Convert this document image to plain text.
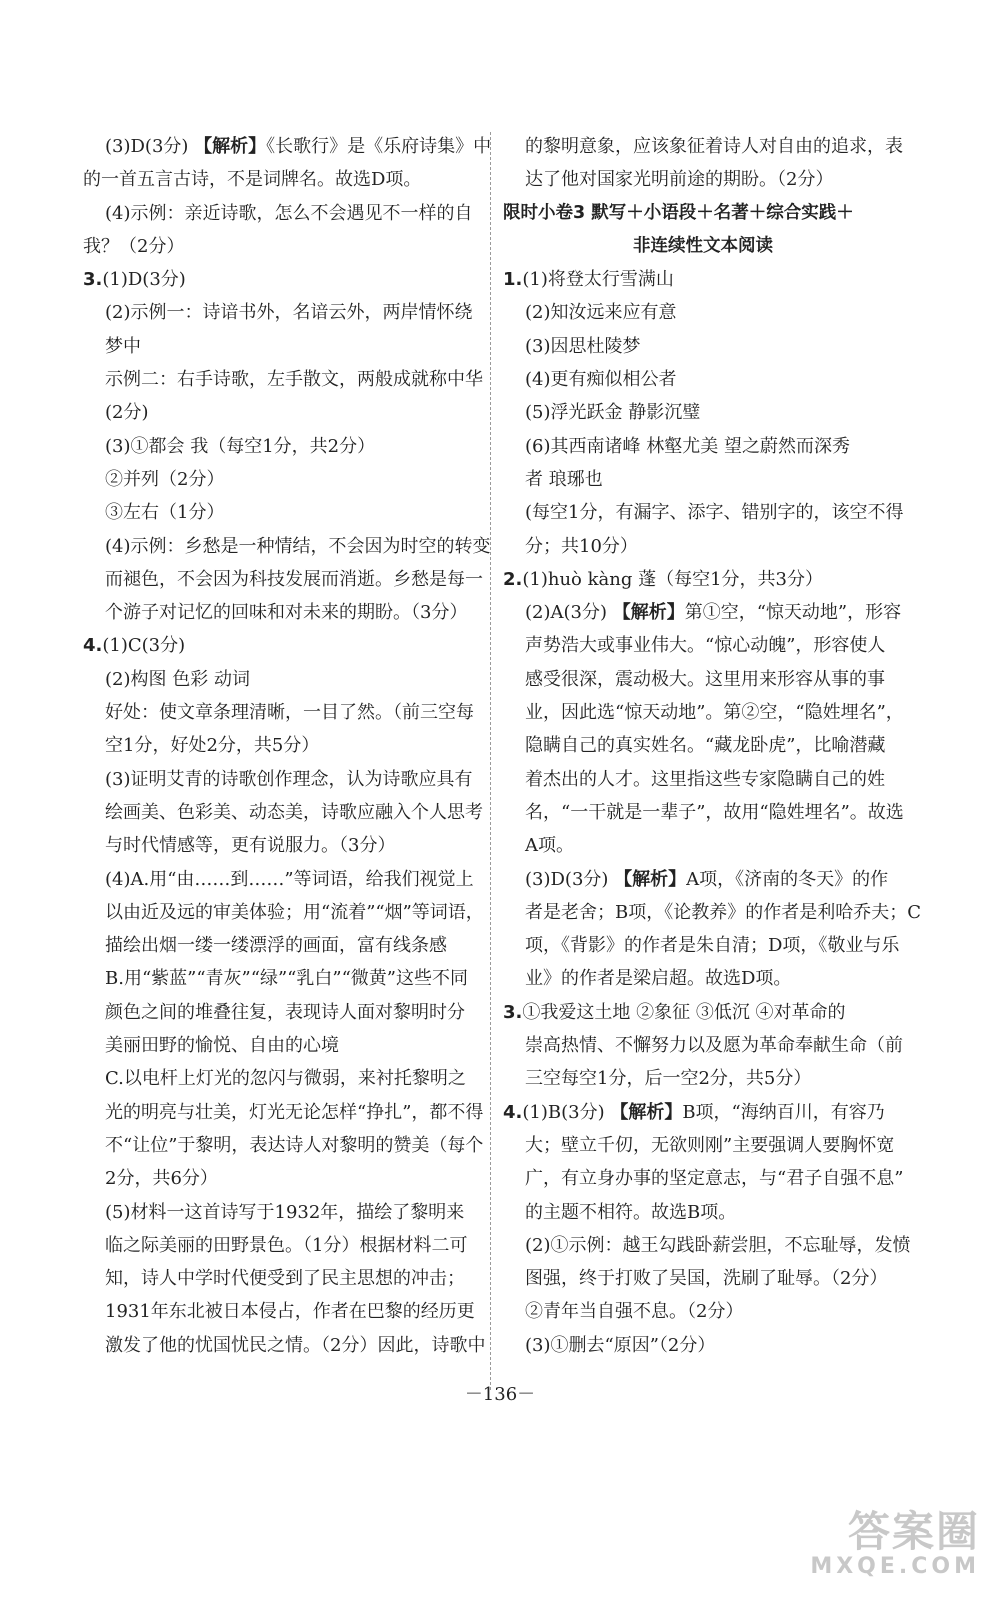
(3)D(3分) 【解析】《长歌行》是《乐府诗集》中
的一首五言古诗，不是词牌名。故选D项。
(4)示例：亲近诗歌，怎么不会遇见不一样的自
我？（2分）
3.(1)D(3分)
(2)示例一：诗谙书外，名谙云外，两岸情怀绕
梦中
示例二：右手诗歌，左手散文，两般成就称中华
(2分)
(3)①都会 我（每空1分，共2分）
②并列（2分）
③左右（1分）
(4)示例：乡愁是一种情结，不会因为时空的转变
而褪色，不会因为科技发展而消逝。乡愁是每一
个游子对记忆的回味和对未来的期盼。（3分）
4.(1)C(3分)
(2)构图 色彩 动词
好处：使文章条理清晰，一目了然。（前三空每
空1分，好处2分，共5分）
(3)证明艾青的诗歌创作理念，认为诗歌应具有
绘画美、色彩美、动态美，诗歌应融入个人思考
与时代情感等，更有说服力。（3分）
(4)A.用“由……到……”等词语，给我们视觉上
以由近及远的审美体验；用“流着”“烟”等词语，
描绘出烟一缕一缕漂浮的画面，富有线条感
B.用“紫蓝”“青灰”“绿”“乳白”“微黄”这些不同
颜色之间的堆叠往复，表现诗人面对黎明时分
美丽田野的愉悦、自由的心境
C.以电杆上灯光的忽闪与微弱，来衬托黎明之
光的明亮与壮美，灯光无论怎样“挣扎”，都不得
不“让位”于黎明，表达诗人对黎明的赞美（每个
2分，共6分）
(5)材料一这首诗写于1932年，描绘了黎明来
临之际美丽的田野景色。（1分）根据材料二可
知，诗人中学时代便受到了民主思想的冲击；
1931年东北被日本侵占，作者在巴黎的经历更
激发了他的忧国忧民之情。（2分）因此，诗歌中
的黎明意象，应该象征着诗人对自由的追求，表
达了他对国家光明前途的期盼。（2分）
限时小卷3 默写＋小语段＋名著＋综合实践＋
非连续性文本阅读
1.(1)将登太行雪满山
(2)知汝远来应有意
(3)因思杜陵梦
(4)更有痴似相公者
(5)浮光跃金 静影沉璧
(6)其西南诸峰 林壑尤美 望之蔚然而深秀
者 琅琊也
(每空1分，有漏字、添字、错别字的，该空不得
分；共10分）
2.(1)huò kàng 蓬（每空1分，共3分）
(2)A(3分) 【解析】第①空，“惊天动地”，形容
声势浩大或事业伟大。“惊心动魄”，形容使人
感受很深，震动极大。这里用来形容从事的事
业，因此选“惊天动地”。第②空，“隐姓埋名”，
隐瞒自己的真实姓名。“藏龙卧虎”，比喻潜藏
着杰出的人才。这里指这些专家隐瞒自己的姓
名，“一干就是一辈子”，故用“隐姓埋名”。故选
A项。
(3)D(3分) 【解析】A项，《济南的冬天》的作
者是老舍；B项，《论教养》的作者是利哈乔夫；C
项，《背影》的作者是朱自清；D项，《敬业与乐
业》的作者是梁启超。故选D项。
3.①我爱这土地 ②象征 ③低沉 ④对革命的
崇高热情、不懈努力以及愿为革命奉献生命（前
三空每空1分，后一空2分，共5分）
4.(1)B(3分) 【解析】B项，“海纳百川，有容乃
大；壁立千仞，无欲则刚”主要强调人要胸怀宽
广，有立身办事的坚定意志，与“君子自强不息”
的主题不相符。故选B项。
(2)①示例：越王勾践卧薪尝胆，不忘耻辱，发愤
图强，终于打败了吴国，洗刷了耻辱。（2分）
②青年当自强不息。（2分）
(3)①删去“原因”（2分）
－136－
答案圈
MXQE.COM
